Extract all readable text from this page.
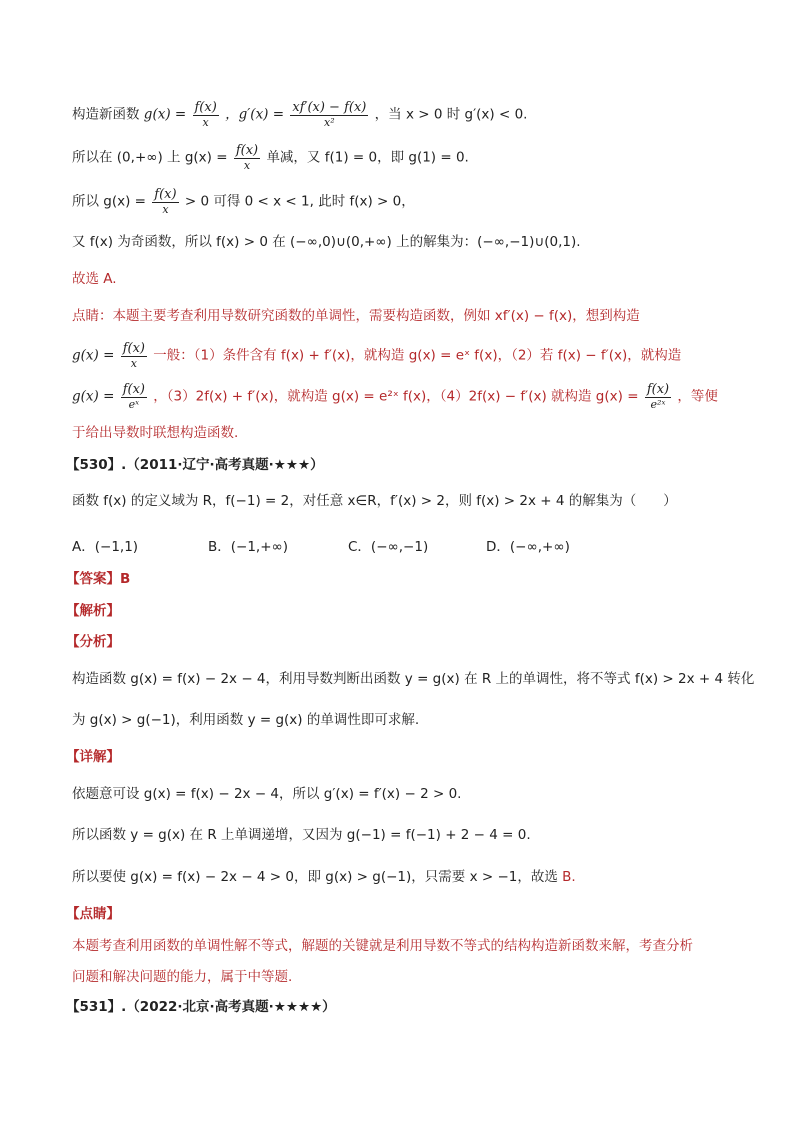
构造新函数 $g(x) = \frac{f(x)}{x}$ ，$g'(x) = \frac{xf'(x) - f(x)}{\text{x²}}$ ，当 x > 0 时 g′(x) < 0.
所以在 (0,+∞) 上 $g(x) = \frac{f(x)}{x}$ 单减，又 f(1) = 0，即 g(1) = 0.
所以 $g(x) = \frac{f(x)}{x} > 0$ 可得 0 < x < 1, 此时 f(x) > 0，
又 f(x) 为奇函数，所以 f(x) > 0 在 (−∞,0)∪(0,+∞) 上的解集为：(−∞,−1)∪(0,1).
故选 A.
点睛：本题主要考查利用导数研究函数的单调性，需要构造函数，例如 xf′(x) − f(x)，想到构造
$g(x) = \frac{f(x)}{x}$ 一般：（1）条件含有 f(x) + f′(x)，就构造 g(x) = eˣ f(x)，（2）若 f(x) − f′(x)，就构造
$g(x) = \frac{f(x)}{\text{eˣ}}$ ，（3）2f(x) + f′(x)，就构造 g(x) = e²ˣ f(x)，（4）2f(x) − f′(x) 就构造 $g(x) = \frac{f(x)}{\text{e²ˣ}}$ ，等便
于给出导数时联想构造函数.
【530】.（2011·辽宁·高考真题·★★★）
函数 f(x) 的定义域为 R，f(−1) = 2，对任意 x∈R，f′(x) > 2，则 f(x) > 2x + 4 的解集为（　　）
A．(−1,1)	B．(−1,+∞)	C．(−∞,−1)	D．(−∞,+∞)
【答案】B
【解析】
【分析】
构造函数 g(x) = f(x) − 2x − 4，利用导数判断出函数 y = g(x) 在 R 上的单调性，将不等式 f(x) > 2x + 4 转化
为 g(x) > g(−1)，利用函数 y = g(x) 的单调性即可求解.
【详解】
依题意可设 g(x) = f(x) − 2x − 4，所以 g′(x) = f′(x) − 2 > 0.
所以函数 y = g(x) 在 R 上单调递增，又因为 g(−1) = f(−1) + 2 − 4 = 0.
所以要使 g(x) = f(x) − 2x − 4 > 0，即 g(x) > g(−1)，只需要 x > −1，故选 B.
【点睛】
本题考查利用函数的单调性解不等式，解题的关键就是利用导数不等式的结构构造新函数来解，考查分析
问题和解决问题的能力，属于中等题.
【531】.（2022·北京·高考真题·★★★★）
